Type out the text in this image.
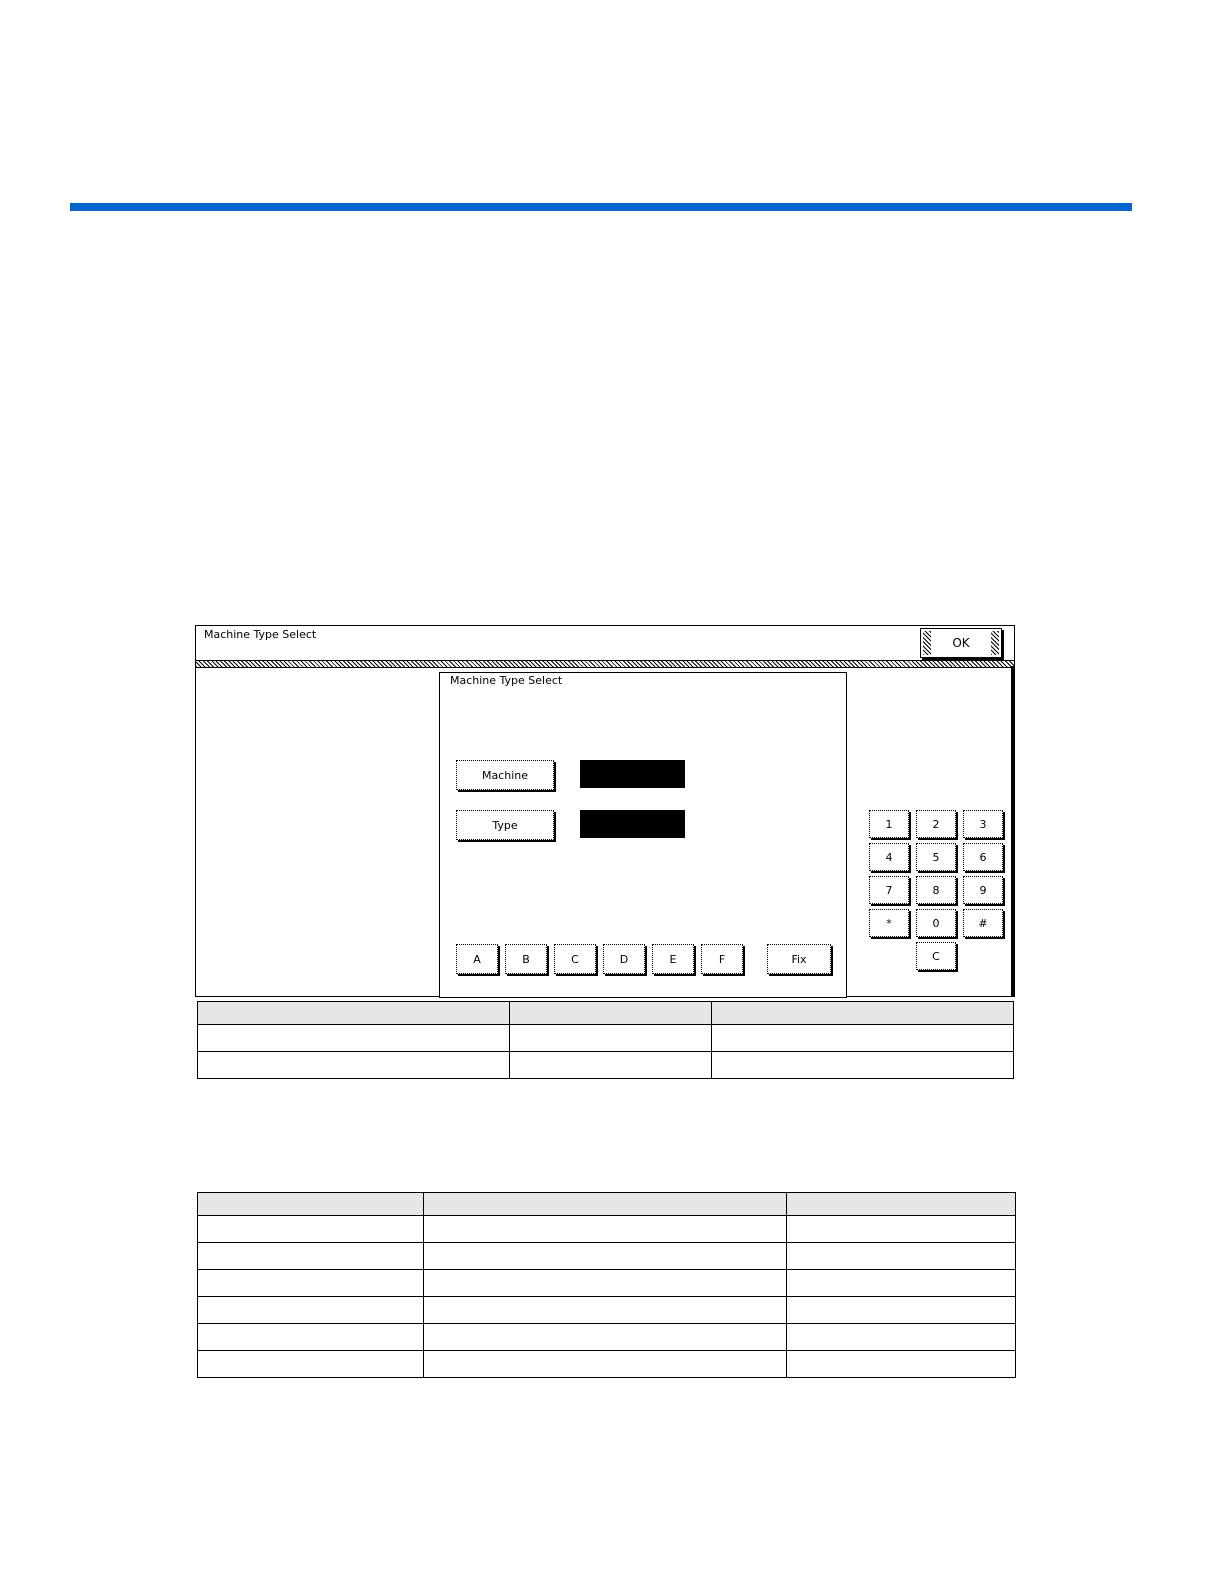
Machine Type Select
OK
Machine Type Select
Machine
Type
A	B	C	D	E	F	Fix
1	2	3
4	5	6
7	8	9
*	0	#
C
